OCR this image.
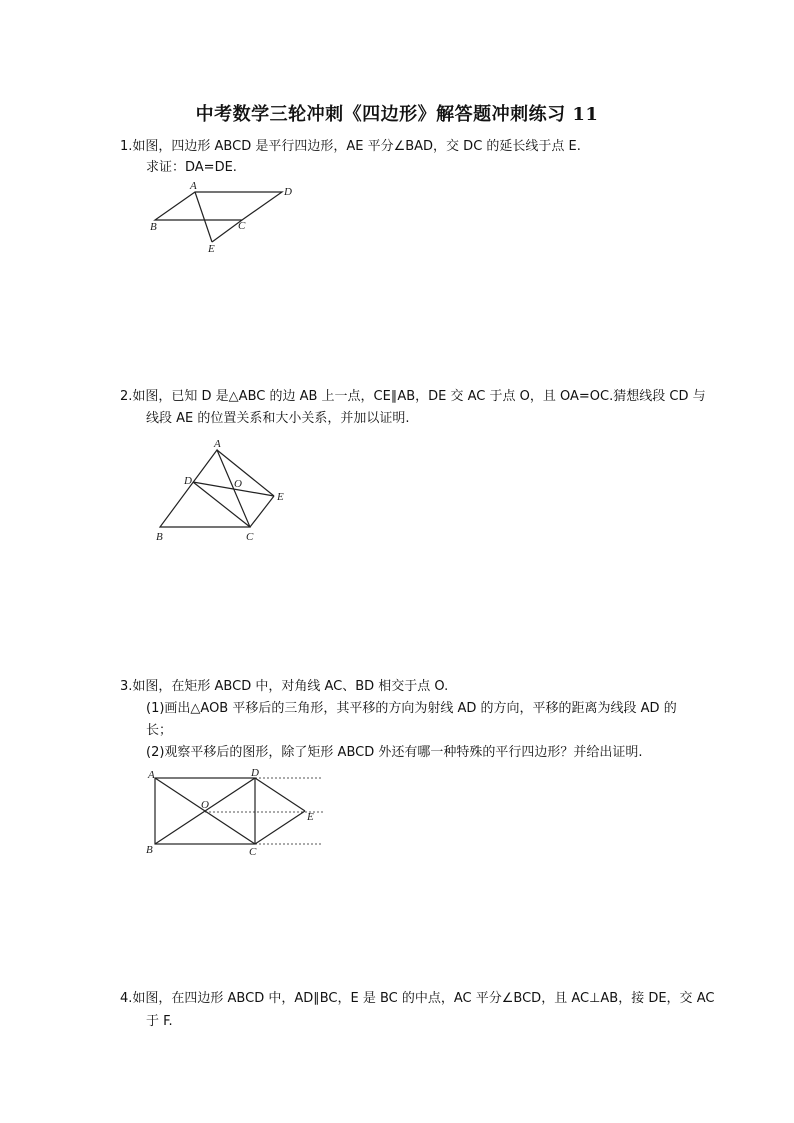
中考数学三轮冲刺《四边形》解答题冲刺练习 11
1.如图，四边形 ABCD 是平行四边形，AE 平分∠BAD，交 DC 的延长线于点 E.
求证：DA=DE.
A	D
B	C
E
2.如图，已知 D 是△ABC 的边 AB 上一点，CE∥AB，DE 交 AC 于点 O，且 OA=OC.猜想线段 CD 与
线段 AE 的位置关系和大小关系，并加以证明.
A
D	O
E
B	C
3.如图，在矩形 ABCD 中，对角线 AC、BD 相交于点 O.
(1)画出△AOB 平移后的三角形，其平移的方向为射线 AD 的方向，平移的距离为线段 AD 的
长；
(2)观察平移后的图形，除了矩形 ABCD 外还有哪一种特殊的平行四边形？并给出证明.
A	D
O
E
B	C
4.如图，在四边形 ABCD 中，AD∥BC，E 是 BC 的中点，AC 平分∠BCD，且 AC⊥AB，接 DE，交 AC
于 F.
